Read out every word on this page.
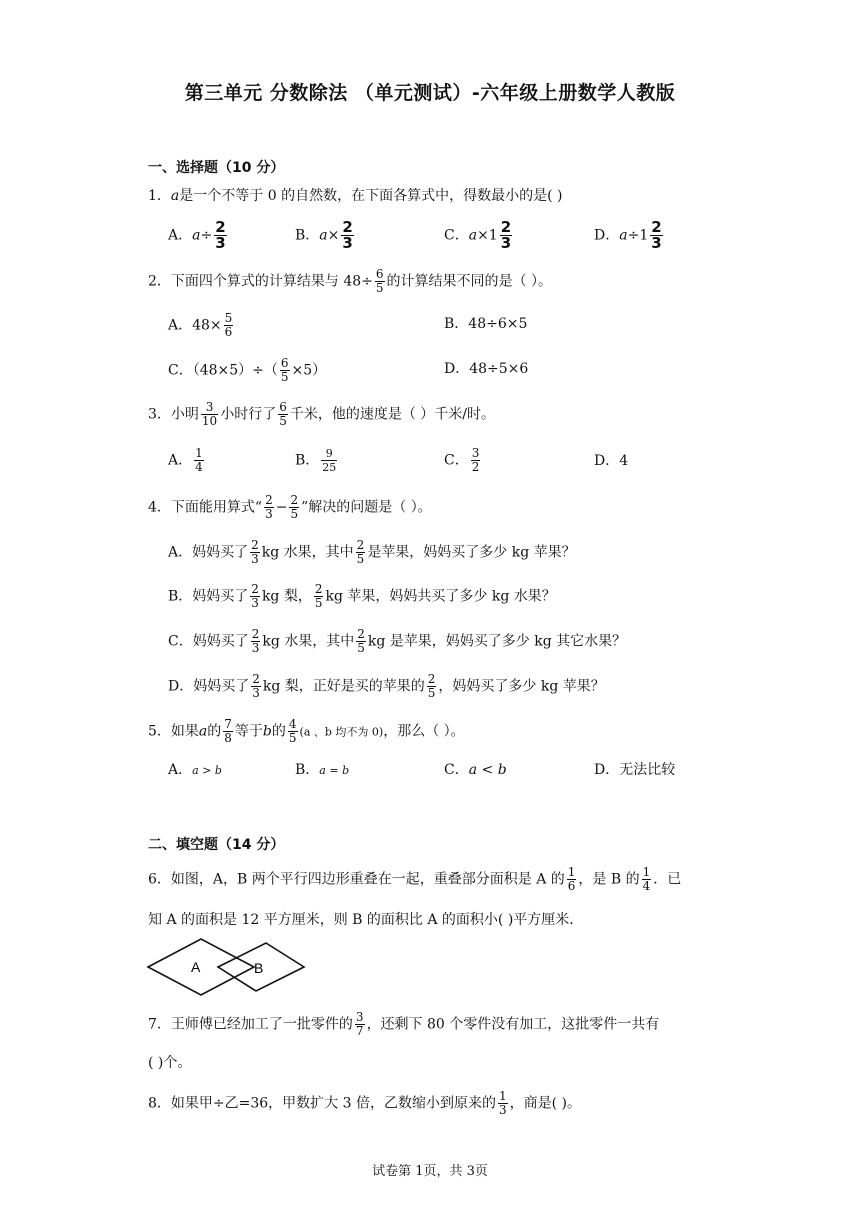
第三单元 分数除法 （单元测试）-六年级上册数学人教版
一、选择题（10 分）
1．a是一个不等于 0 的自然数，在下面各算式中，得数最小的是( )
A．$a\div \frac{2}{3}$	B．$a\times \frac{2}{3}$	C．$a\times 1 \frac{2}{3}$	D．$a\div 1 \frac{2}{3}$
2．下面四个算式的计算结果与 $48\div \frac{6}{5}$ 的计算结果不同的是（ ）。
A．$48\times \frac{5}{6}$	B．48÷6×5
C．$(48\times 5)\div( \frac{6}{5} \times 5)$	D．48÷5×6
3．小明 $\frac{3}{10}$ 小时行了 $\frac{6}{5}$ 千米，他的速度是（ ）千米/时。
A． $\frac{1}{4}$	B． $\frac{9}{25}$	C． $\frac{3}{2}$	D．4
4．下面能用算式“ $\frac{2}{3} - \frac{2}{5}$ ”解决的问题是（ ）。
A．妈妈买了 $\frac{2}{3}$ kg 水果，其中 $\frac{2}{5}$ 是苹果，妈妈买了多少 kg 苹果？
B．妈妈买了 $\frac{2}{3}$ kg 梨， $\frac{2}{5}$ kg 苹果，妈妈共买了多少 kg 水果？
C．妈妈买了 $\frac{2}{3}$ kg 水果，其中 $\frac{2}{5}$ kg 是苹果，妈妈买了多少 kg 其它水果？
D．妈妈买了 $\frac{2}{3}$ kg 梨，正好是买的苹果的 $\frac{2}{5}$ ，妈妈买了多少 kg 苹果？
5．如果a的 $\frac{7}{8}$ 等于b的 $\frac{4}{5} (a$ 、b 均不为 0)，那么（ ）。
A．a > b	B．a = b	C．a < b	D．无法比较
二、填空题（14 分）
6．如图，A，B 两个平行四边形重叠在一起，重叠部分面积是 A 的 $\frac{1}{6}$ ，是 B 的 $\frac{1}{4}$ ．已
知 A 的面积是 12 平方厘米，则 B 的面积比 A 的面积小( )平方厘米．
A	B
7．王师傅已经加工了一批零件的 $\frac{3}{7}$ ，还剩下 80 个零件没有加工，这批零件一共有
( )个。
8．如果甲÷乙=36，甲数扩大 3 倍，乙数缩小到原来的 $\frac{1}{3}$ ，商是( )。
试卷第 1页，共 3页
